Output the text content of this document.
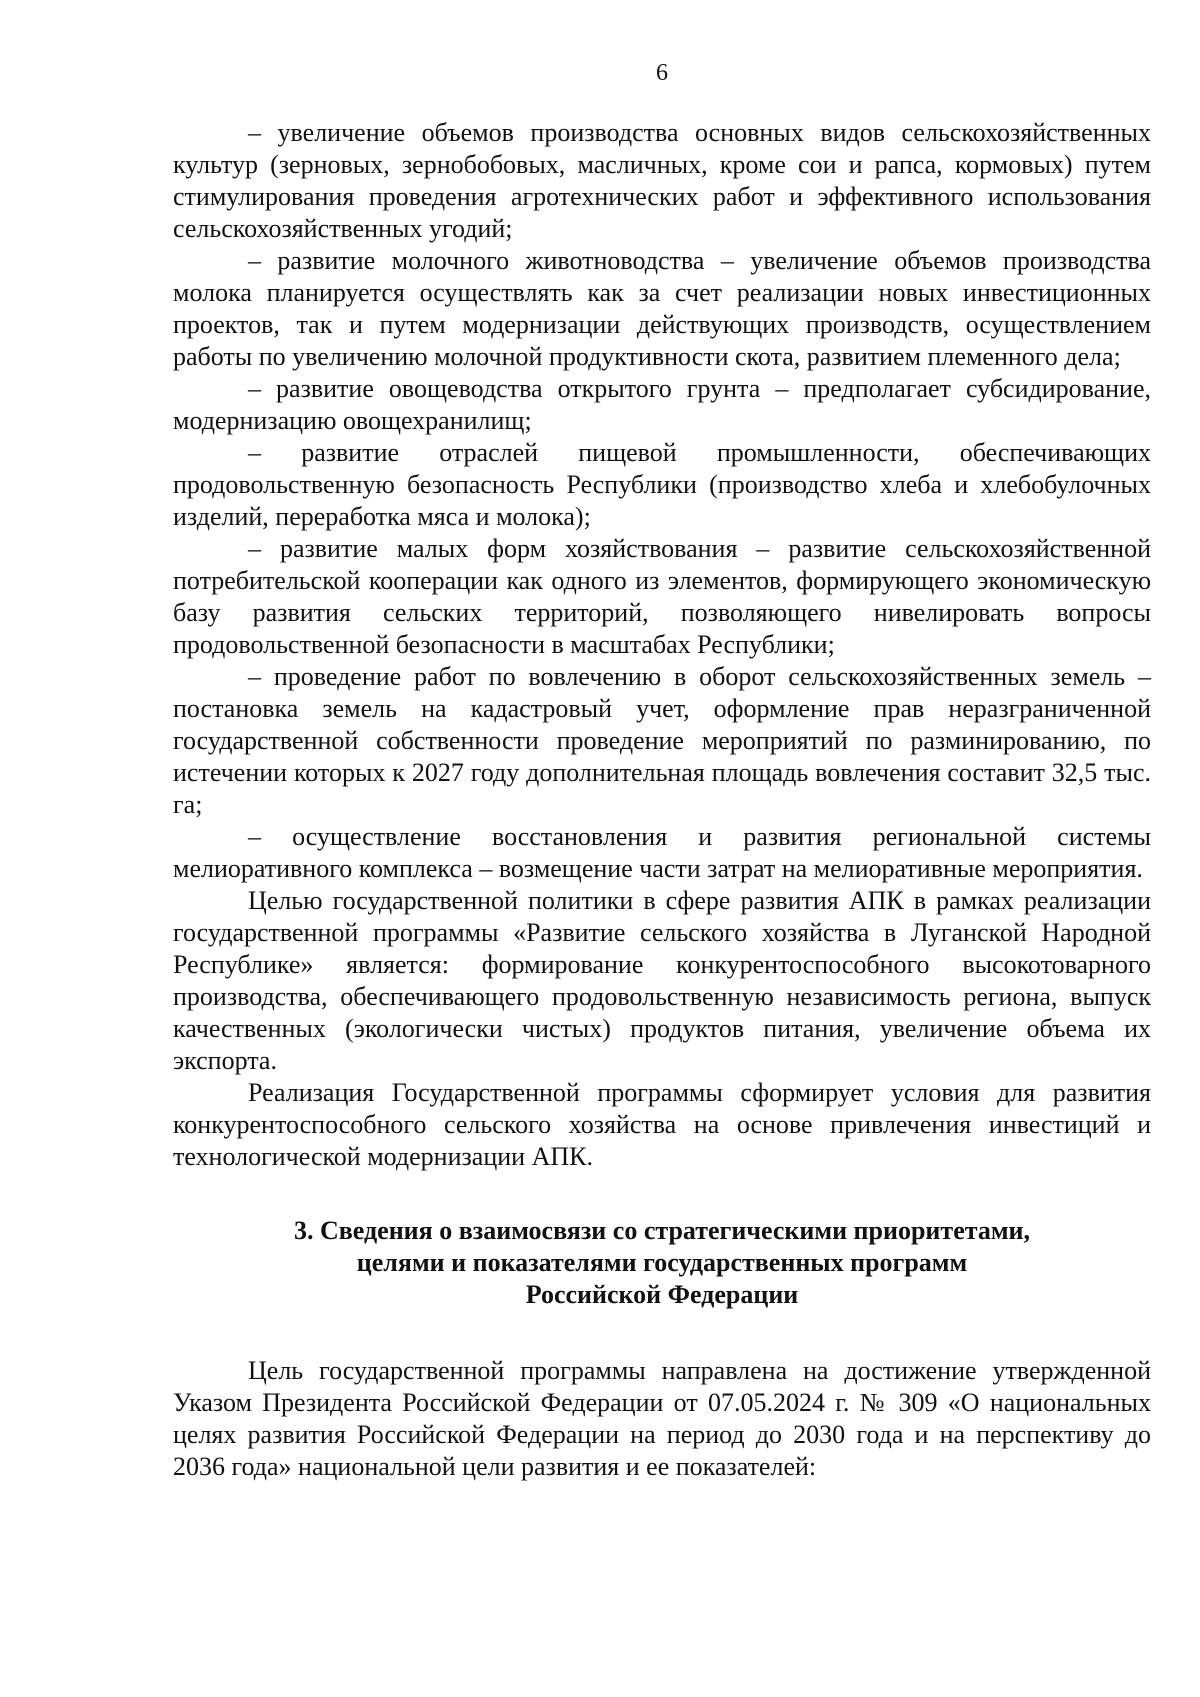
6

– увеличение объемов производства основных видов сельскохозяйственных культур (зерновых, зернобобовых, масличных, кроме сои и рапса, кормовых) путем стимулирования проведения агротехнических работ и эффективного использования сельскохозяйственных угодий;

– развитие молочного животноводства – увеличение объемов производства молока планируется осуществлять как за счет реализации новых инвестиционных проектов, так и путем модернизации действующих производств, осуществлением работы по увеличению молочной продуктивности скота, развитием племенного дела;

– развитие овощеводства открытого грунта – предполагает субсидирование, модернизацию овощехранилищ;

– развитие отраслей пищевой промышленности, обеспечивающих продовольственную безопасность Республики (производство хлеба и хлебобулочных изделий, переработка мяса и молока);

– развитие малых форм хозяйствования – развитие сельскохозяйственной потребительской кооперации как одного из элементов, формирующего экономическую базу развития сельских территорий, позволяющего нивелировать вопросы продовольственной безопасности в масштабах Республики;

– проведение работ по вовлечению в оборот сельскохозяйственных земель – постановка земель на кадастровый учет, оформление прав неразграниченной государственной собственности проведение мероприятий по разминированию, по истечении которых к 2027 году дополнительная площадь вовлечения составит 32,5 тыс. га;

– осуществление восстановления и развития региональной системы мелиоративного комплекса – возмещение части затрат на мелиоративные мероприятия.

Целью государственной политики в сфере развития АПК в рамках реализации государственной программы «Развитие сельского хозяйства в Луганской Народной Республике» является: формирование конкурентоспособного высокотоварного производства, обеспечивающего продовольственную независимость региона, выпуск качественных (экологически чистых) продуктов питания, увеличение объема их экспорта.

Реализация Государственной программы сформирует условия для развития конкурентоспособного сельского хозяйства на основе привлечения инвестиций и технологической модернизации АПК.

3. Сведения о взаимосвязи со стратегическими приоритетами,
целями и показателями государственных программ
Российской Федерации

Цель государственной программы направлена на достижение утвержденной Указом Президента Российской Федерации от 07.05.2024 г. № 309 «О национальных целях развития Российской Федерации на период до 2030 года и на перспективу до 2036 года» национальной цели развития и ее показателей:
